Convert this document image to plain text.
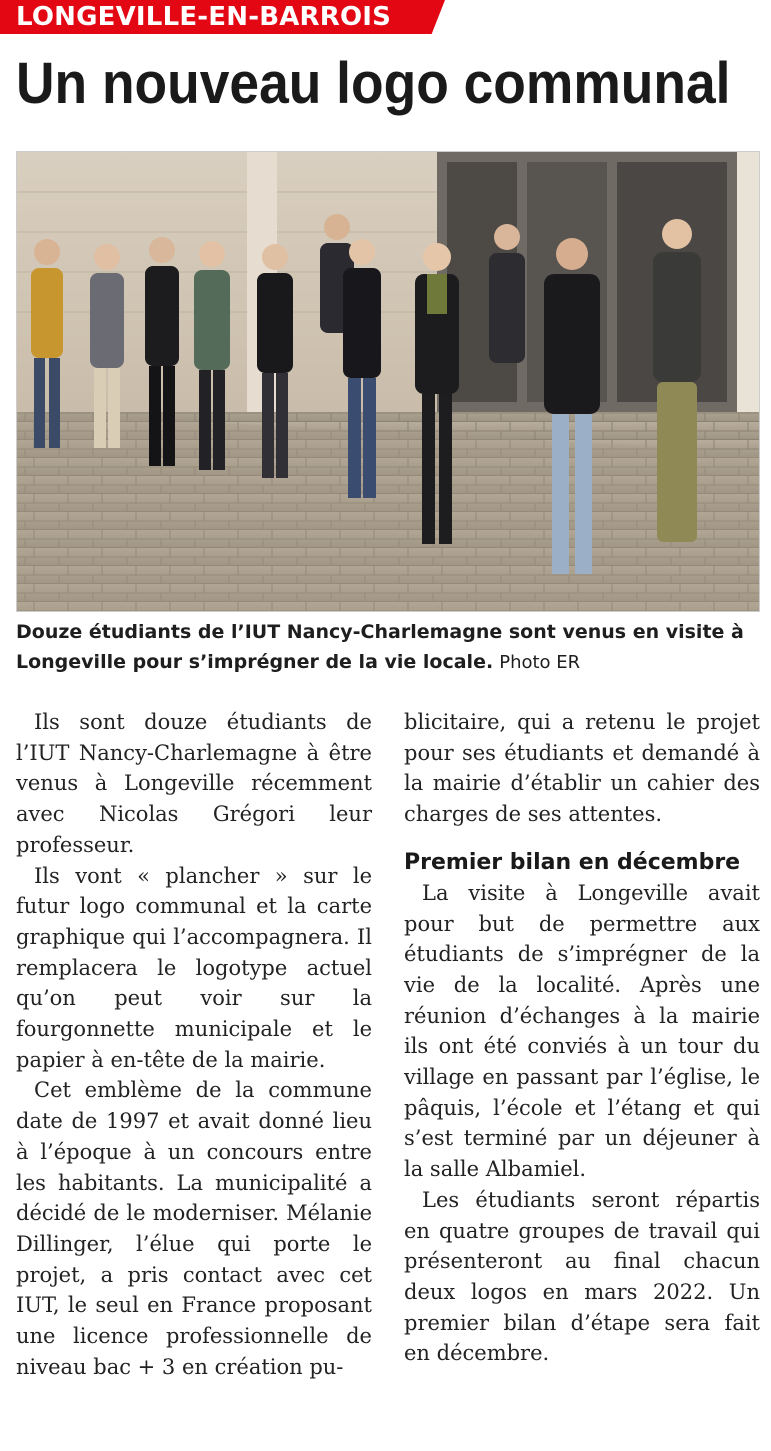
LONGEVILLE-EN-BARROIS
Un nouveau logo communal
Douze étudiants de l’IUT Nancy-Charlemagne sont venus en visite à Longeville pour s’imprégner de la vie locale. Photo ER

Ils sont douze étudiants de l’IUT Nancy-Charlemagne à être venus à Longeville récemment avec Nicolas Grégori leur professeur.

Ils vont « plancher » sur le futur logo communal et la carte graphique qui l’accompagnera. Il remplacera le logotype actuel qu’on peut voir sur la fourgonnette municipale et le papier à en-tête de la mairie.

Cet emblème de la commune date de 1997 et avait donné lieu à l’époque à un concours entre les habitants. La municipalité a décidé de le moderniser. Mélanie Dillinger, l’élue qui porte le projet, a pris contact avec cet IUT, le seul en France proposant une licence professionnelle de niveau bac + 3 en création pu-

blicitaire, qui a retenu le projet pour ses étudiants et demandé à la mairie d’établir un cahier des charges de ses attentes.

Premier bilan en décembre

La visite à Longeville avait pour but de permettre aux étudiants de s’imprégner de la vie de la localité. Après une réunion d’échanges à la mairie ils ont été conviés à un tour du village en passant par l’église, le pâquis, l’école et l’étang et qui s’est terminé par un déjeuner à la salle Albamiel.

Les étudiants seront répartis en quatre groupes de travail qui présenteront au final chacun deux logos en mars 2022. Un premier bilan d’étape sera fait en décembre.
